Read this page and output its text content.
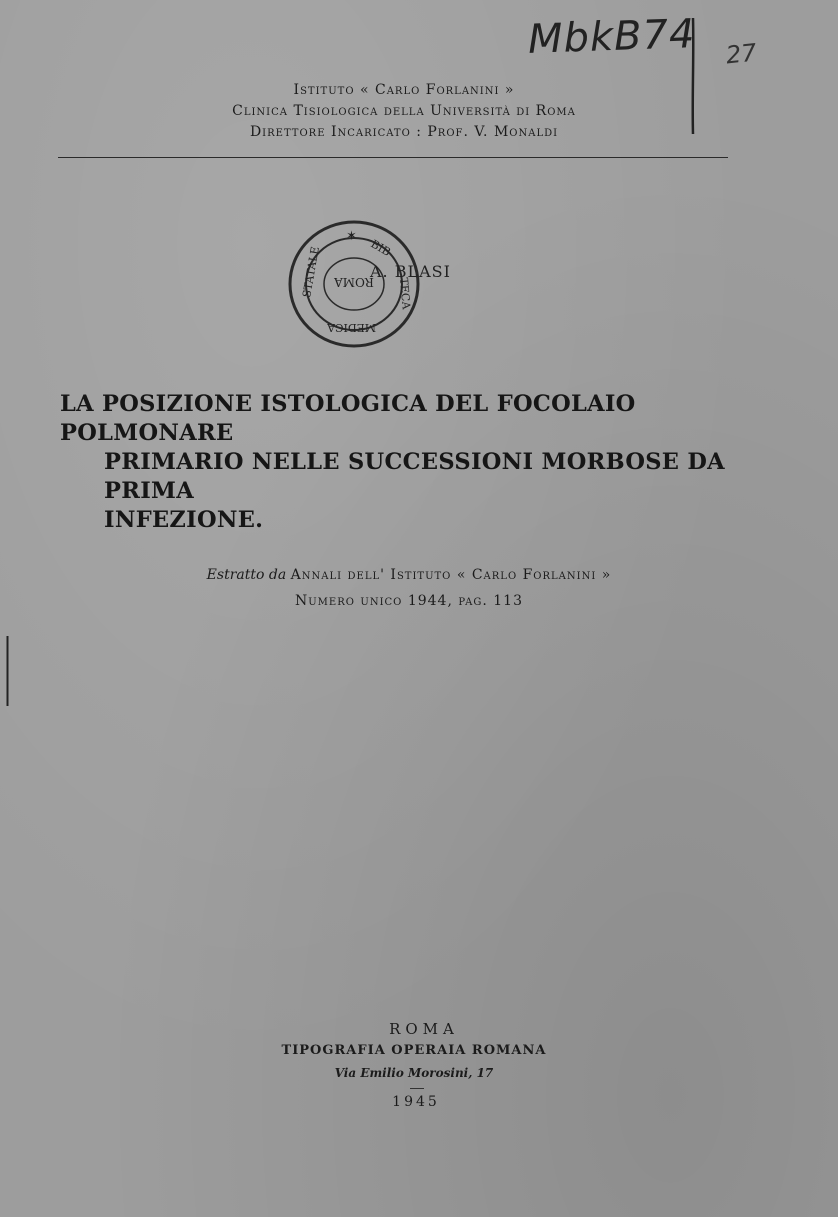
MbkB74 27
Istituto « Carlo Forlanini »
Clinica Tisiologica della Università di Roma
Direttore Incaricato : Prof. V. Monaldi
ROMA
✶
BIB
TECA
STATALE
MEDICA
A. BLASI
LA POSIZIONE ISTOLOGICA DEL FOCOLAIO POLMONARE
PRIMARIO NELLE SUCCESSIONI MORBOSE DA PRIMA
INFEZIONE.
Estratto da Annali dell' Istituto « Carlo Forlanini »
Numero unico 1944, pag. 113
ROMA
TIPOGRAFIA OPERAIA ROMANA
Via Emilio Morosini, 17
1945
